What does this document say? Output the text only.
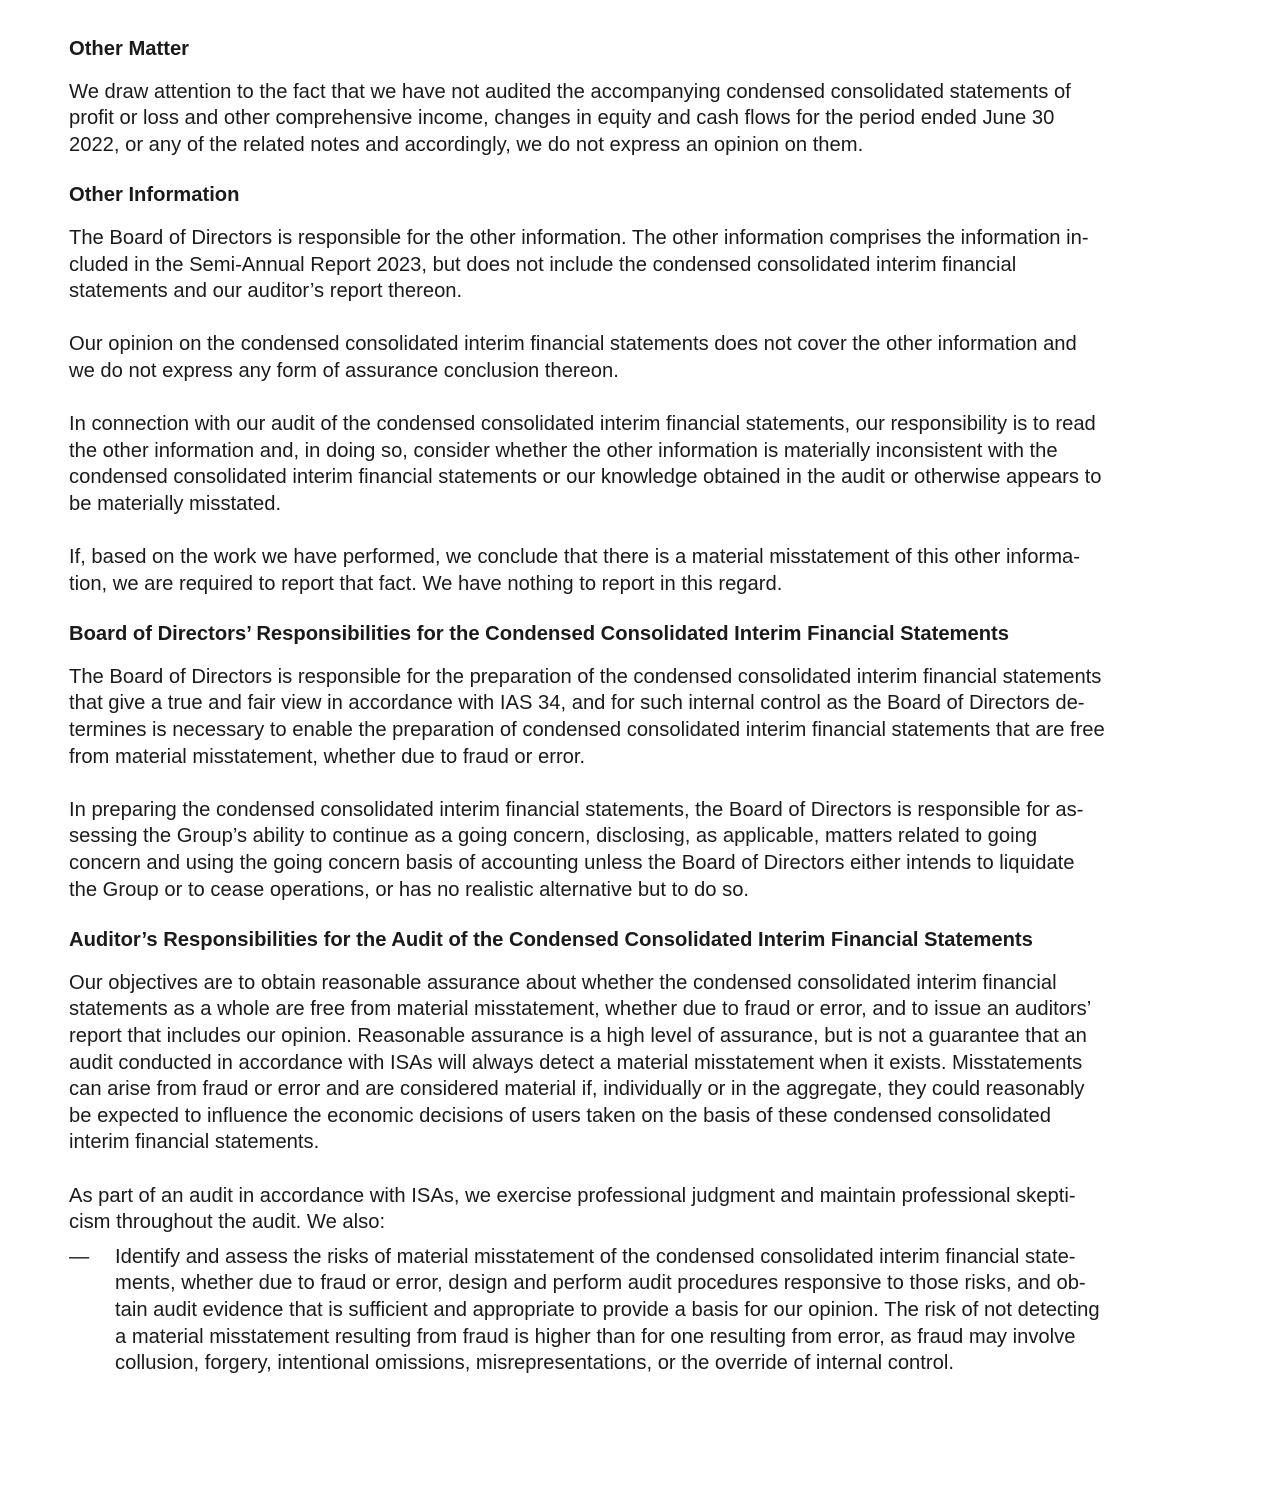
Other Matter
We draw attention to the fact that we have not audited the accompanying condensed consolidated statements of
profit or loss and other comprehensive income, changes in equity and cash flows for the period ended June 30
2022, or any of the related notes and accordingly, we do not express an opinion on them.
Other Information
The Board of Directors is responsible for the other information. The other information comprises the information in-
cluded in the Semi-Annual Report 2023, but does not include the condensed consolidated interim financial
statements and our auditor’s report thereon.
Our opinion on the condensed consolidated interim financial statements does not cover the other information and
we do not express any form of assurance conclusion thereon.
In connection with our audit of the condensed consolidated interim financial statements, our responsibility is to read
the other information and, in doing so, consider whether the other information is materially inconsistent with the
condensed consolidated interim financial statements or our knowledge obtained in the audit or otherwise appears to
be materially misstated.
If, based on the work we have performed, we conclude that there is a material misstatement of this other informa-
tion, we are required to report that fact. We have nothing to report in this regard.
Board of Directors’ Responsibilities for the Condensed Consolidated Interim Financial Statements
The Board of Directors is responsible for the preparation of the condensed consolidated interim financial statements
that give a true and fair view in accordance with IAS 34, and for such internal control as the Board of Directors de-
termines is necessary to enable the preparation of condensed consolidated interim financial statements that are free
from material misstatement, whether due to fraud or error.
In preparing the condensed consolidated interim financial statements, the Board of Directors is responsible for as-
sessing the Group’s ability to continue as a going concern, disclosing, as applicable, matters related to going
concern and using the going concern basis of accounting unless the Board of Directors either intends to liquidate
the Group or to cease operations, or has no realistic alternative but to do so.
Auditor’s Responsibilities for the Audit of the Condensed Consolidated Interim Financial Statements
Our objectives are to obtain reasonable assurance about whether the condensed consolidated interim financial
statements as a whole are free from material misstatement, whether due to fraud or error, and to issue an auditors’
report that includes our opinion. Reasonable assurance is a high level of assurance, but is not a guarantee that an
audit conducted in accordance with ISAs will always detect a material misstatement when it exists. Misstatements
can arise from fraud or error and are considered material if, individually or in the aggregate, they could reasonably
be expected to influence the economic decisions of users taken on the basis of these condensed consolidated
interim financial statements.
As part of an audit in accordance with ISAs, we exercise professional judgment and maintain professional skepti-
cism throughout the audit. We also:
—	Identify and assess the risks of material misstatement of the condensed consolidated interim financial state-
ments, whether due to fraud or error, design and perform audit procedures responsive to those risks, and ob-
tain audit evidence that is sufficient and appropriate to provide a basis for our opinion. The risk of not detecting
a material misstatement resulting from fraud is higher than for one resulting from error, as fraud may involve
collusion, forgery, intentional omissions, misrepresentations, or the override of internal control.
